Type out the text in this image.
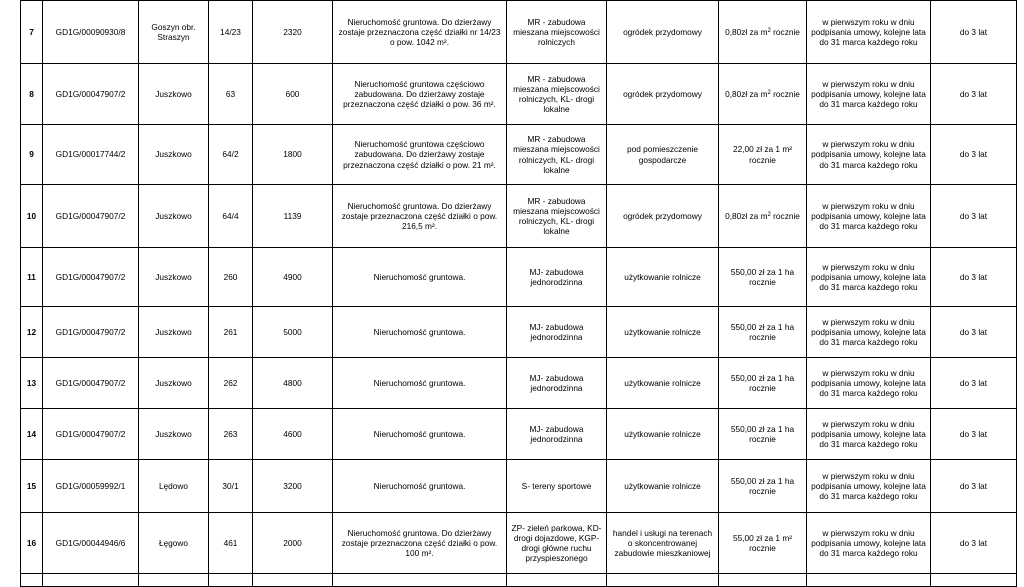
7	GD1G/00090930/8	Goszyn obr. Straszyn	14/23	2320	Nieruchomość gruntowa. Do dzierżawy zostaje przeznaczona część działki nr 14/23 o pow. 1042 m².	MR - zabudowa mieszana miejscowości rolniczych	ogródek przydomowy	0,80zł za $m^2$ rocznie	w pierwszym roku w dniu podpisania umowy, kolejne lata do 31 marca każdego roku	do 3 lat
8	GD1G/00047907/2	Juszkowo	63	600	Nieruchomość gruntowa częściowo zabudowana. Do dzierżawy zostaje przeznaczona część działki o pow. 36 m².	MR - zabudowa mieszana miejscowości rolniczych, KL- drogi lokalne	ogródek przydomowy	0,80zł za $m^2$ rocznie	w pierwszym roku w dniu podpisania umowy, kolejne lata do 31 marca każdego roku	do 3 lat
9	GD1G/00017744/2	Juszkowo	64/2	1800	Nieruchomość gruntowa częściowo zabudowana. Do dzierżawy zostaje przeznaczona część działki o pow. 21 m².	MR - zabudowa mieszana miejscowości rolniczych, KL- drogi lokalne	pod pomieszczenie gospodarcze	22,00 zł za 1 m² rocznie	w pierwszym roku w dniu podpisania umowy, kolejne lata do 31 marca każdego roku	do 3 lat
10	GD1G/00047907/2	Juszkowo	64/4	1139	Nieruchomość gruntowa. Do dzierżawy zostaje przeznaczona część działki o pow. 216,5 m².	MR - zabudowa mieszana miejscowości rolniczych, KL- drogi lokalne	ogródek przydomowy	0,80zł za $m^2$ rocznie	w pierwszym roku w dniu podpisania umowy, kolejne lata do 31 marca każdego roku	do 3 lat
11	GD1G/00047907/2	Juszkowo	260	4900	Nieruchomość gruntowa.	MJ- zabudowa jednorodzinna	użytkowanie rolnicze	550,00 zł za 1 ha rocznie	w pierwszym roku w dniu podpisania umowy, kolejne lata do 31 marca każdego roku	do 3 lat
12	GD1G/00047907/2	Juszkowo	261	5000	Nieruchomość gruntowa.	MJ- zabudowa jednorodzinna	użytkowanie rolnicze	550,00 zł za 1 ha rocznie	w pierwszym roku w dniu podpisania umowy, kolejne lata do 31 marca każdego roku	do 3 lat
13	GD1G/00047907/2	Juszkowo	262	4800	Nieruchomość gruntowa.	MJ- zabudowa jednorodzinna	użytkowanie rolnicze	550,00 zł za 1 ha rocznie	w pierwszym roku w dniu podpisania umowy, kolejne lata do 31 marca każdego roku	do 3 lat
14	GD1G/00047907/2	Juszkowo	263	4600	Nieruchomość gruntowa.	MJ- zabudowa jednorodzinna	użytkowanie rolnicze	550,00 zł za 1 ha rocznie	w pierwszym roku w dniu podpisania umowy, kolejne lata do 31 marca każdego roku	do 3 lat
15	GD1G/00059992/1	Lędowo	30/1	3200	Nieruchomość gruntowa.	S- tereny sportowe	użytkowanie rolnicze	550,00 zł za 1 ha rocznie	w pierwszym roku w dniu podpisania umowy, kolejne lata do 31 marca każdego roku	do 3 lat
16	GD1G/00044946/6	Łęgowo	461	2000	Nieruchomość gruntowa. Do dzierżawy zostaje przeznaczona część działki o pow. 100 m².	ZP- zieleń parkowa, KD- drogi dojazdowe, KGP- drogi główne ruchu przyspieszonego	handel i usługi na terenach o skoncentrowanej zabudowie mieszkaniowej	55,00 zł za 1 m² rocznie	w pierwszym roku w dniu podpisania umowy, kolejne lata do 31 marca każdego roku	do 3 lat
